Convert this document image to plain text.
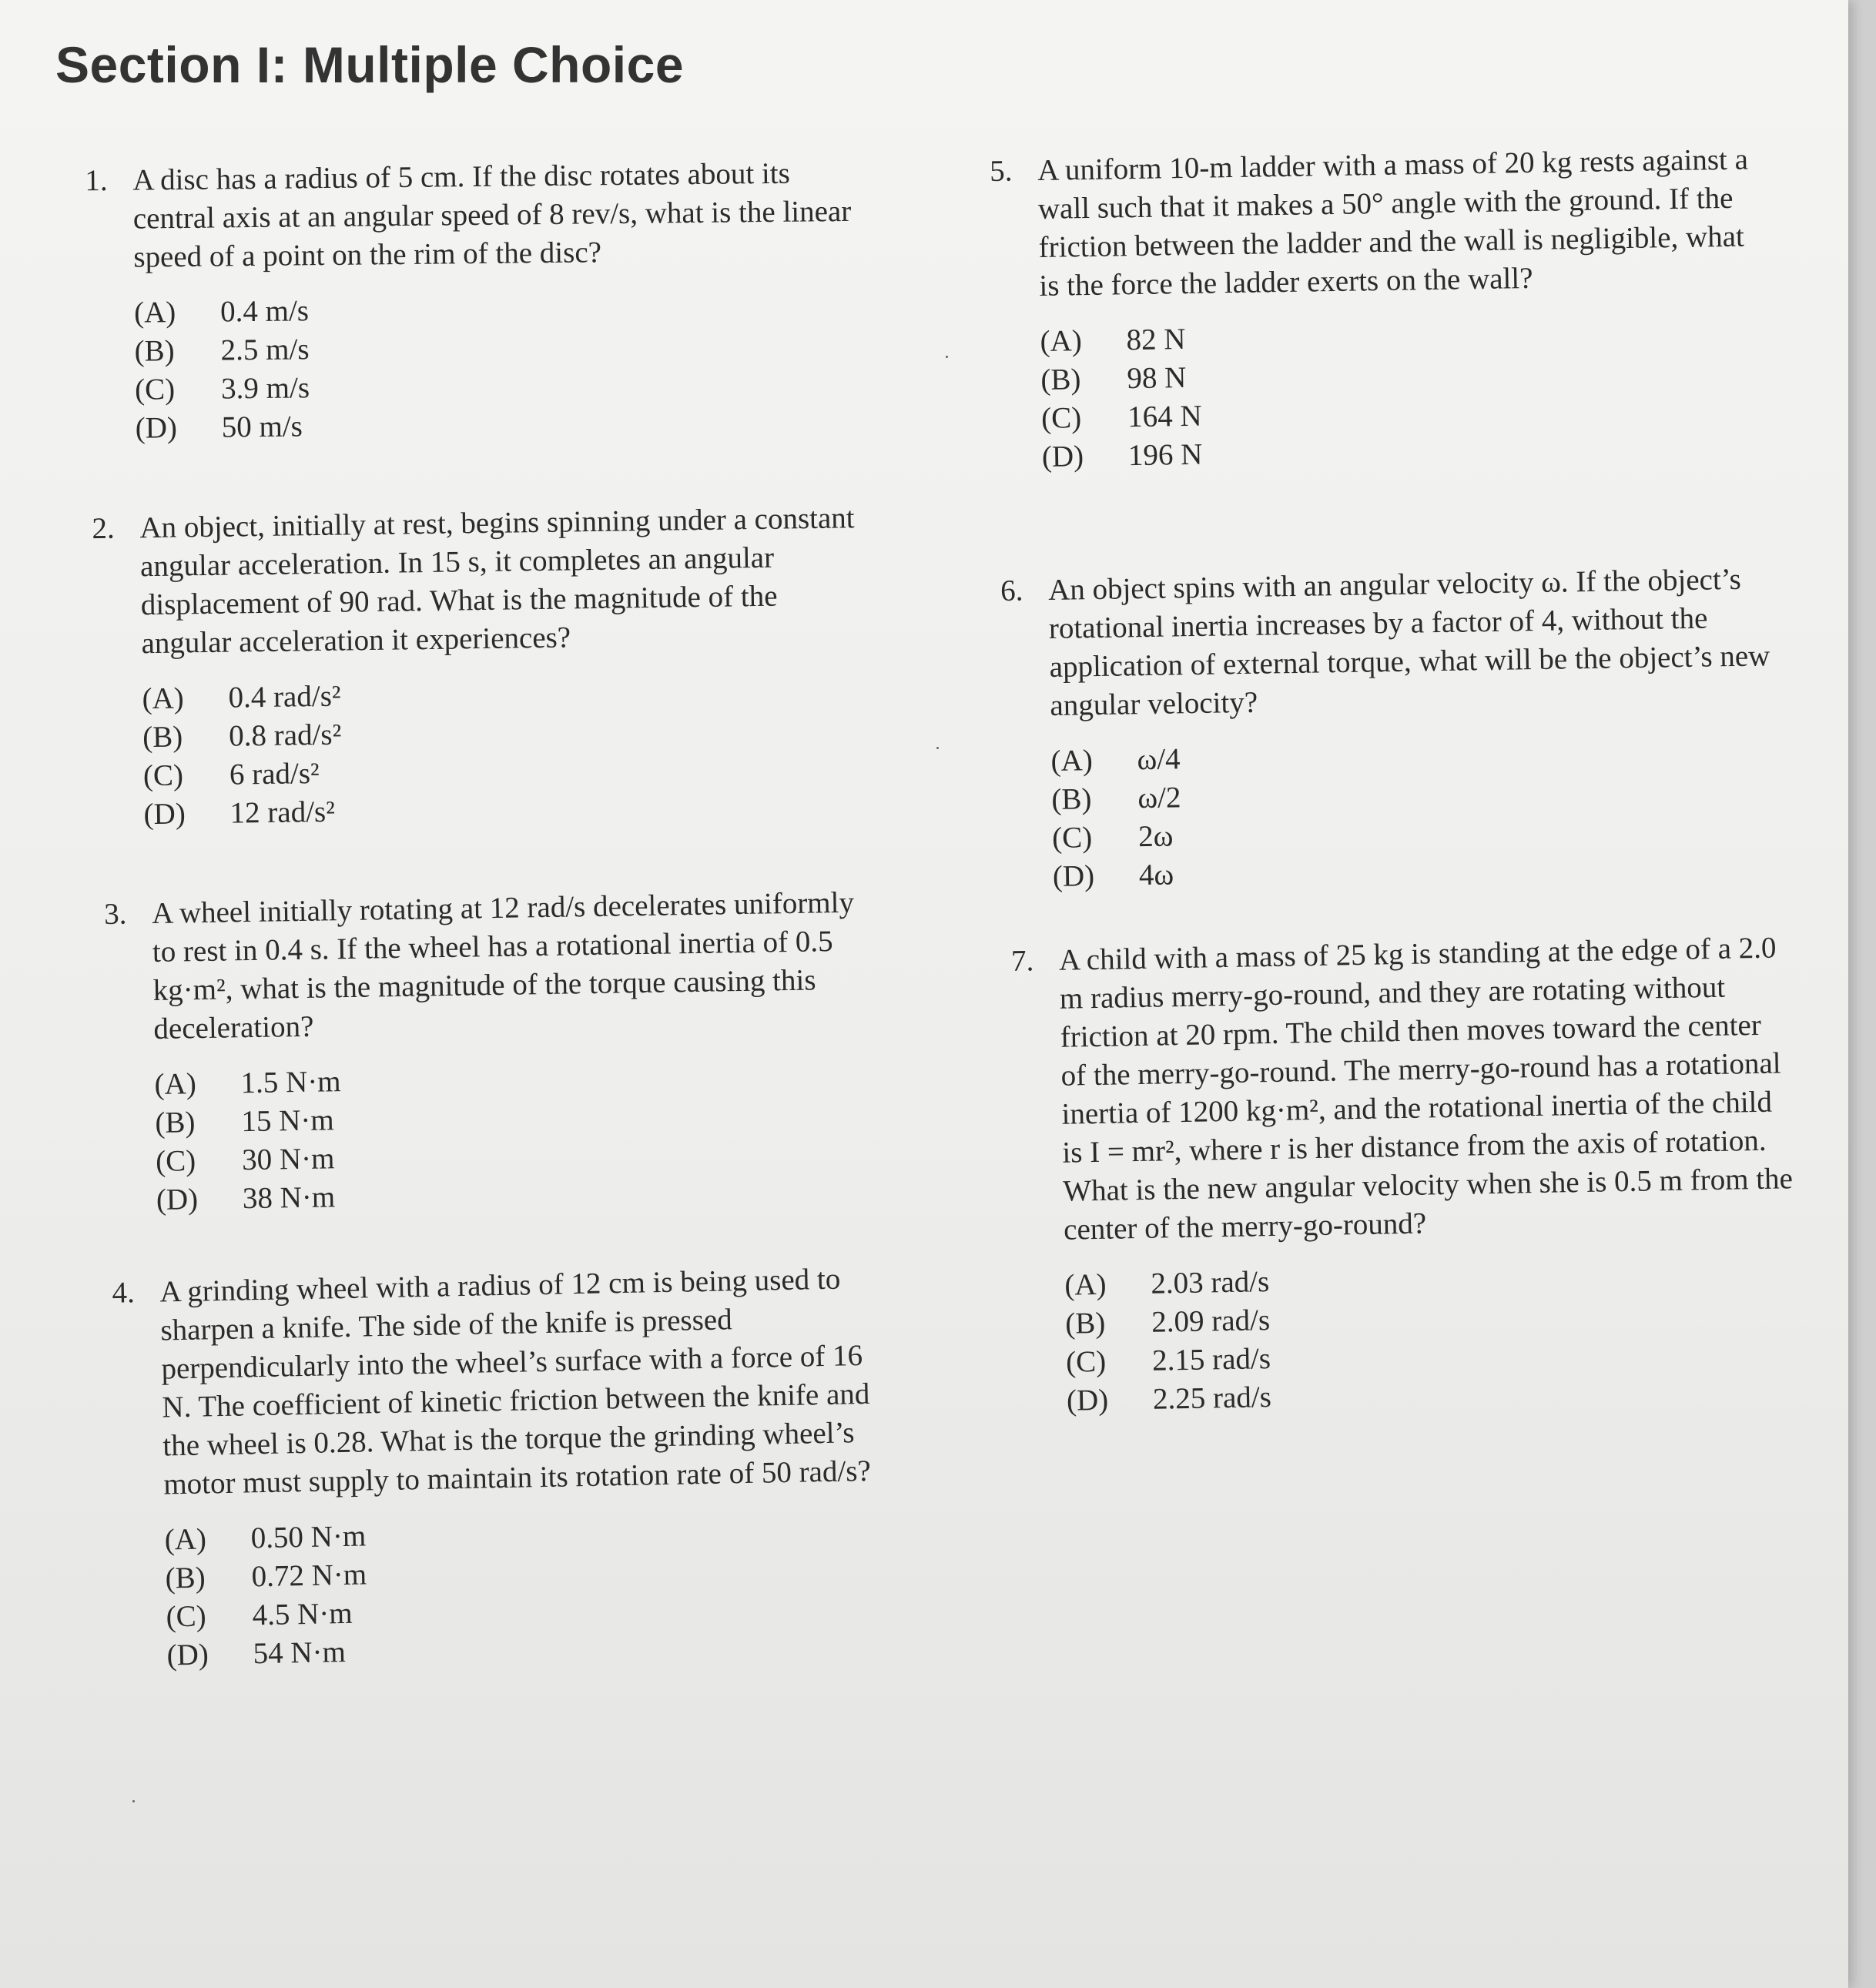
Section I: Multiple Choice
1. A disc has a radius of 5 cm. If the disc rotates about its central axis at an angular speed of 8 rev/s, what is the linear speed of a point on the rim of the disc?
(A)	0.4 m/s
(B)	2.5 m/s
(C)	3.9 m/s
(D)	50 m/s
2. An object, initially at rest, begins spinning under a constant angular acceleration. In 15 s, it completes an angular displacement of 90 rad. What is the magnitude of the angular acceleration it experiences?
(A)	0.4 rad/s²
(B)	0.8 rad/s²
(C)	6 rad/s²
(D)	12 rad/s²
3. A wheel initially rotating at 12 rad/s decelerates uniformly to rest in 0.4 s. If the wheel has a rotational inertia of 0.5 kg·m², what is the magnitude of the torque causing this deceleration?
(A)	1.5 N·m
(B)	15 N·m
(C)	30 N·m
(D)	38 N·m
4. A grinding wheel with a radius of 12 cm is being used to sharpen a knife. The side of the knife is pressed perpendicularly into the wheel’s surface with a force of 16 N. The coefficient of kinetic friction between the knife and the wheel is 0.28. What is the torque the grinding wheel’s motor must supply to maintain its rotation rate of 50 rad/s?
(A)	0.50 N·m
(B)	0.72 N·m
(C)	4.5 N·m
(D)	54 N·m
5. A uniform 10-m ladder with a mass of 20 kg rests against a wall such that it makes a 50° angle with the ground. If the friction between the ladder and the wall is negligible, what is the force the ladder exerts on the wall?
(A)	82 N
(B)	98 N
(C)	164 N
(D)	196 N
6. An object spins with an angular velocity ω. If the object’s rotational inertia increases by a factor of 4, without the application of external torque, what will be the object’s new angular velocity?
(A)	ω/4
(B)	ω/2
(C)	2ω
(D)	4ω
7. A child with a mass of 25 kg is standing at the edge of a 2.0 m radius merry-go-round, and they are rotating without friction at 20 rpm. The child then moves toward the center of the merry-go-round. The merry-go-round has a rotational inertia of 1200 kg·m², and the rotational inertia of the child is I = mr², where r is her distance from the axis of rotation. What is the new angular velocity when she is 0.5 m from the center of the merry-go-round?
(A)	2.03 rad/s
(B)	2.09 rad/s
(C)	2.15 rad/s
(D)	2.25 rad/s
